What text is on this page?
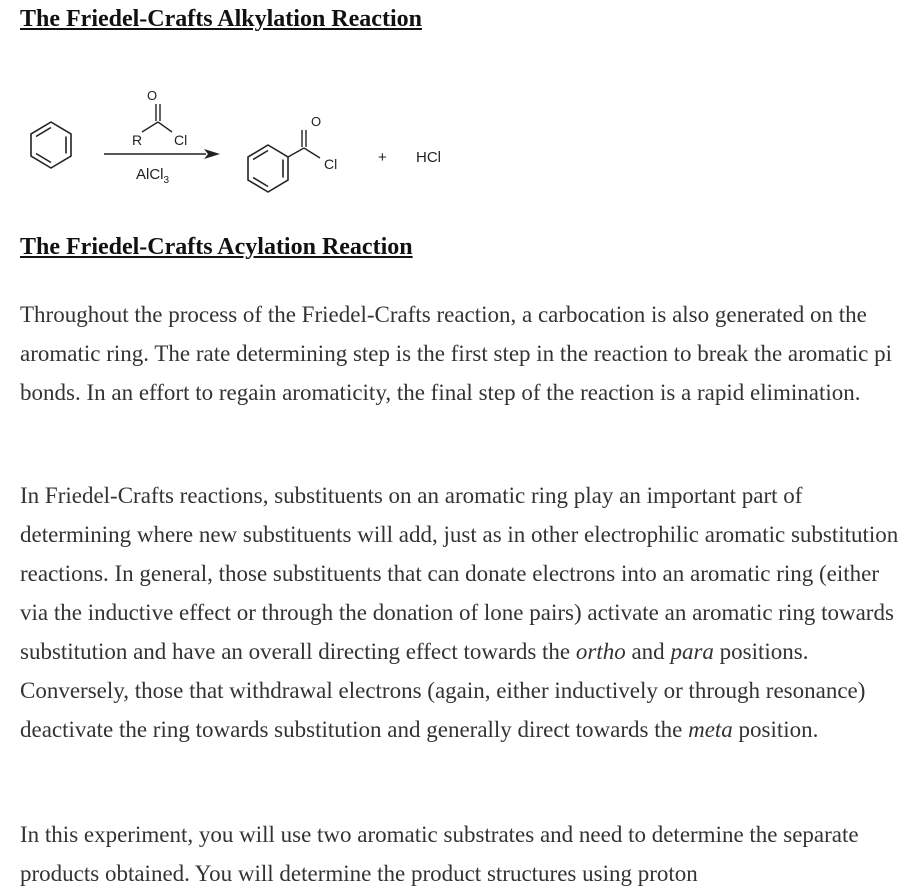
The Friedel-Crafts Alkylation Reaction
O
R Cl
AlCl$_3$
O
Cl	+ HCl
The Friedel-Crafts Acylation Reaction

Throughout the process of the Friedel-Crafts reaction, a carbocation is also generated on the aromatic ring. The rate determining step is the first step in the reaction to break the aromatic pi bonds. In an effort to regain aromaticity, the final step of the reaction is a rapid elimination.

In Friedel-Crafts reactions, substituents on an aromatic ring play an important part of determining where new substituents will add, just as in other electrophilic aromatic substitution reactions. In general, those substituents that can donate electrons into an aromatic ring (either via the inductive effect or through the donation of lone pairs) activate an aromatic ring towards substitution and have an overall directing effect towards the ortho and para positions. Conversely, those that withdrawal electrons (again, either inductively or through resonance) deactivate the ring towards substitution and generally direct towards the meta position.

In this experiment, you will use two aromatic substrates and need to determine the separate products obtained. You will determine the product structures using proton
